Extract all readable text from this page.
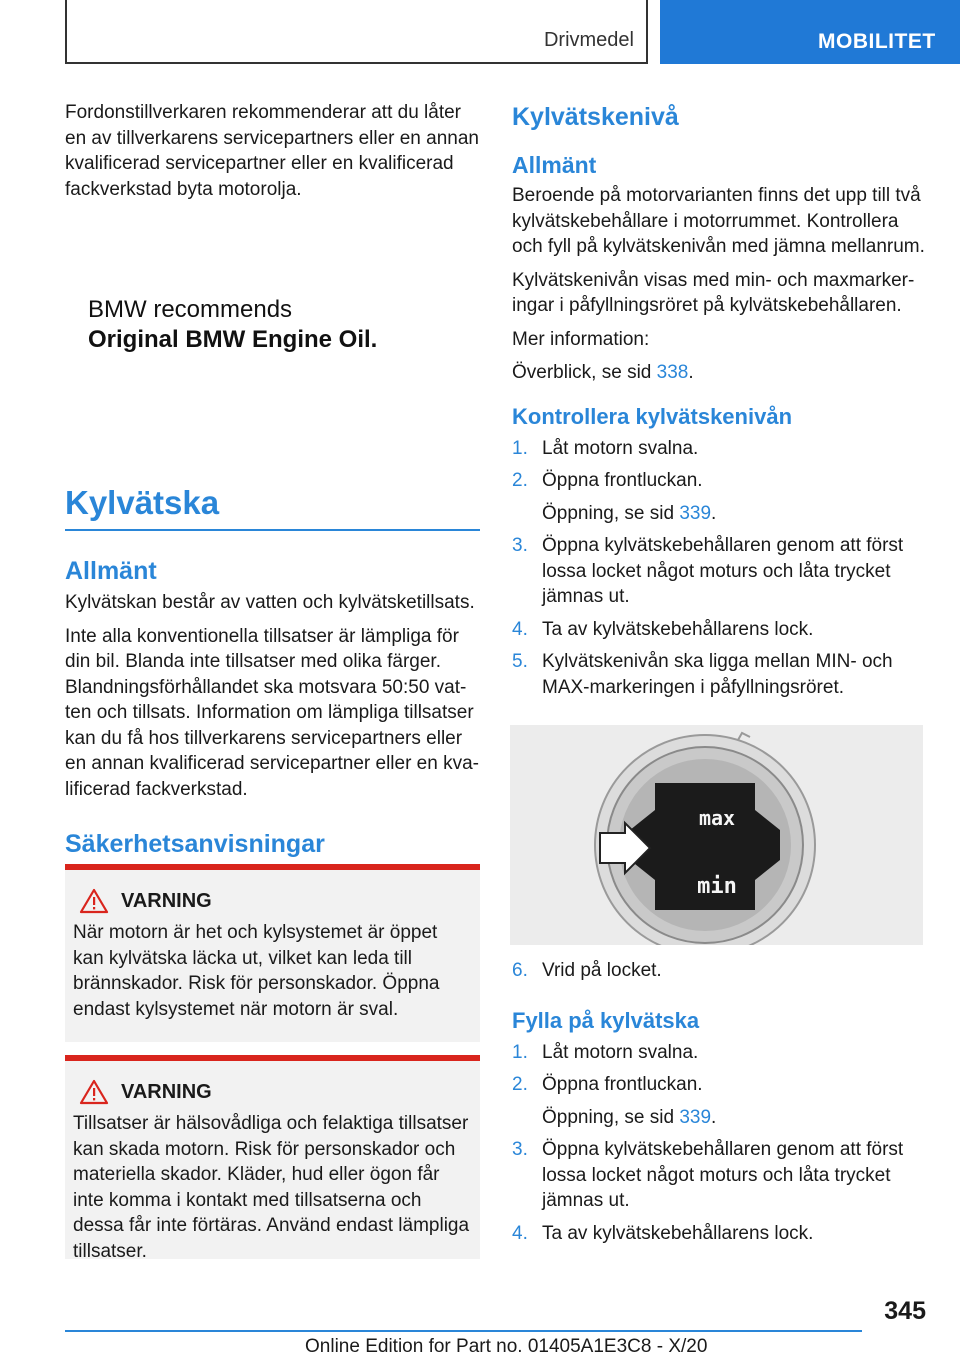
Drivmedel	MOBILITET

Fordonstillverkaren rekommenderar att du låter en av tillverkarens servicepartners eller en annan kvalificerad servicepartner eller en kvalificerad fackverkstad byta motorolja.

BMW recommends
Original BMW Engine Oil.
Kylvätska
Allmänt

Kylvätskan består av vatten och kylvätsketillsats.

Inte alla konventionella tillsatser är lämpliga för din bil. Blanda inte tillsatser med olika färger. Blandningsförhållandet ska motsvara 50:50 vatten och tillsats. Information om lämpliga tillsatser kan du få hos tillverkarens servicepartners eller en annan kvalificerad servicepartner eller en kvalificerad fackverkstad.

Säkerhetsanvisningar
VARNING

När motorn är het och kylsystemet är öppet kan kylvätska läcka ut, vilket kan leda till brännskador. Risk för personskador. Öppna endast kylsystemet när motorn är sval.

VARNING

Tillsatser är hälsovådliga och felaktiga tillsatser kan skada motorn. Risk för personskador och materiella skador. Kläder, hud eller ögon får inte komma i kontakt med tillsatserna och dessa får inte förtäras. Använd endast lämpliga tillsatser.

Kylvätskenivå
Allmänt

Beroende på motorvarianten finns det upp till två kylvätskebehållare i motorrummet. Kontrollera och fyll på kylvätskenivån med jämna mellanrum.

Kylvätskenivån visas med min- och maxmarkeringar i påfyllningsröret på kylvätskebehållaren.

Mer information:

Överblick, se sid 338.

Kontrollera kylvätskenivån
1. Låt motorn svalna.
2. Öppna frontluckan.
Öppning, se sid 339.
3. Öppna kylvätskebehållaren genom att först lossa locket något moturs och låta trycket jämnas ut.
4. Ta av kylvätskebehållarens lock.
5. Kylvätskenivån ska ligga mellan MIN- och MAX-markeringen i påfyllningsröret.
max
min
6. Vrid på locket.
Fylla på kylvätska
1. Låt motorn svalna.
2. Öppna frontluckan.
Öppning, se sid 339.
3. Öppna kylvätskebehållaren genom att först lossa locket något moturs och låta trycket jämnas ut.
4. Ta av kylvätskebehållarens lock.
345
Online Edition for Part no. 01405A1E3C8 - X/20
